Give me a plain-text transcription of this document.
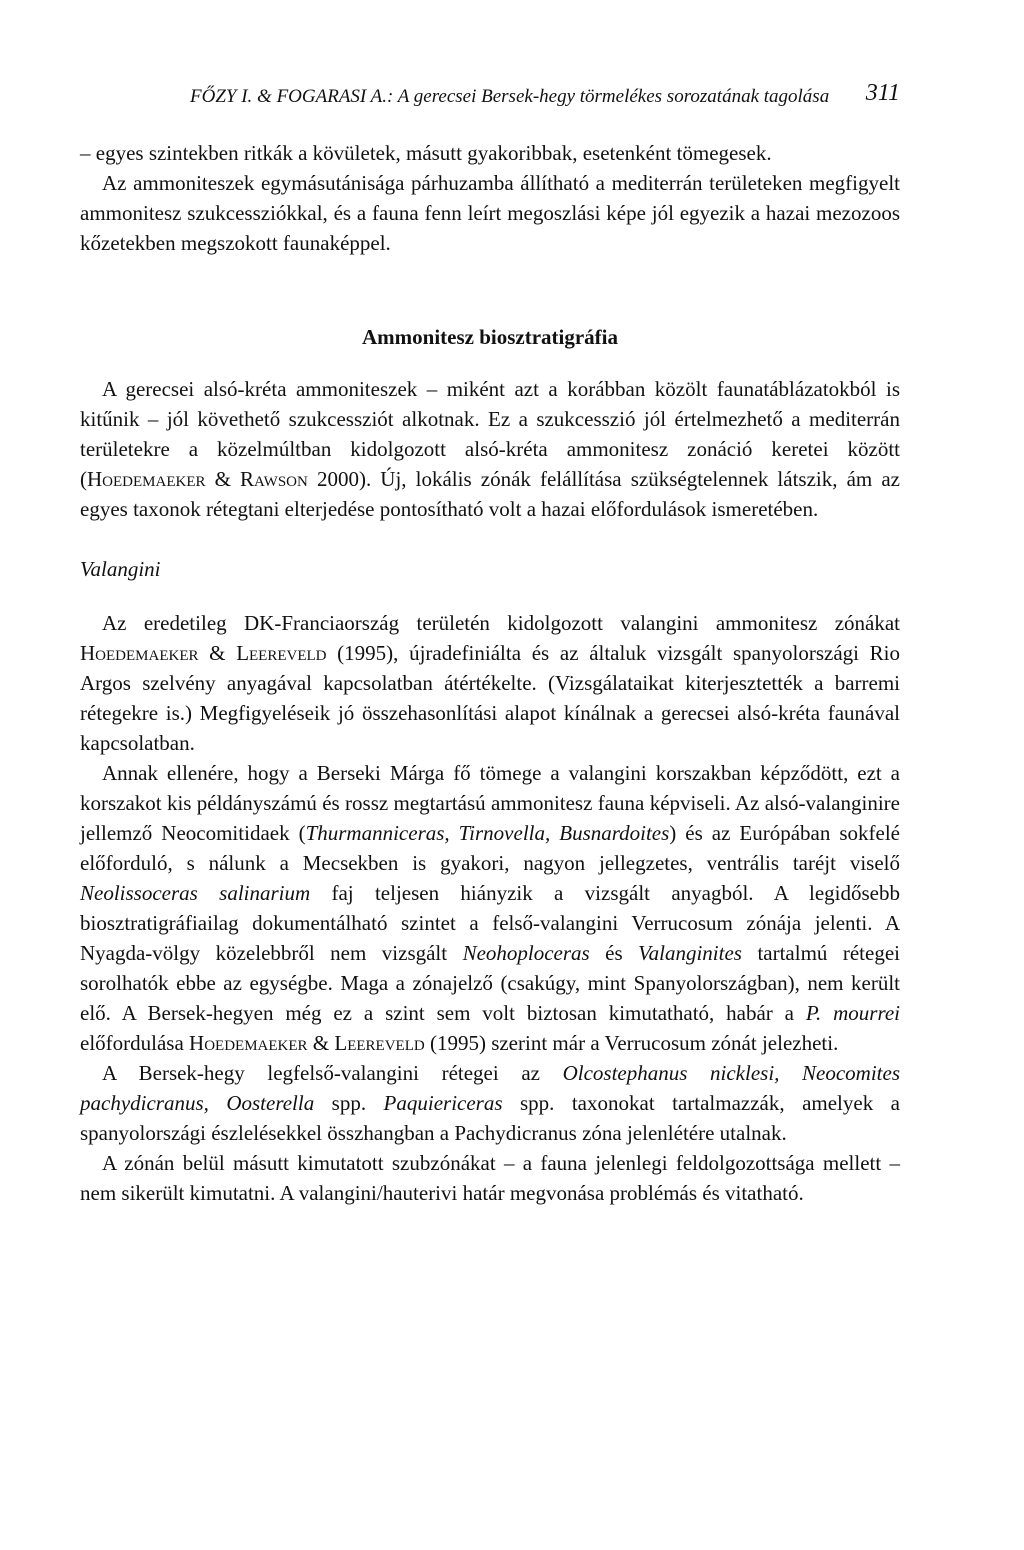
FŐZY I. & FOGARASI A.: A gerecsei Bersek-hegy törmelékes sorozatának tagolása 311

– egyes szintekben ritkák a kövületek, másutt gyakoribbak, esetenként tömegesek.

Az ammoniteszek egymásutánisága párhuzamba állítható a mediterrán területeken megfigyelt ammonitesz szukcessziókkal, és a fauna fenn leírt megoszlási képe jól egyezik a hazai mezozoos kőzetekben megszokott faunaképpel.

Ammonitesz biosztratigráfia

A gerecsei alsó-kréta ammoniteszek – miként azt a korábban közölt faunatáblázatokból is kitűnik – jól követhető szukcessziót alkotnak. Ez a szukcesszió jól értelmezhető a mediterrán területekre a közelmúltban kidolgozott alsó-kréta ammonitesz zonáció keretei között (Hoedemaeker & Rawson 2000). Új, lokális zónák felállítása szükségtelennek látszik, ám az egyes taxonok rétegtani elterjedése pontosítható volt a hazai előfordulások ismeretében.

Valangini

Az eredetileg DK-Franciaország területén kidolgozott valangini ammonitesz zónákat Hoedemaeker & Leereveld (1995), újradefiniálta és az általuk vizsgált spanyolországi Rio Argos szelvény anyagával kapcsolatban átértékelte. (Vizsgálataikat kiterjesztették a barremi rétegekre is.) Megfigyeléseik jó összehasonlítási alapot kínálnak a gerecsei alsó-kréta faunával kapcsolatban.

Annak ellenére, hogy a Berseki Márga fő tömege a valangini korszakban képződött, ezt a korszakot kis példányszámú és rossz megtartású ammonitesz fauna képviseli. Az alsó-valanginire jellemző Neocomitidaek (Thurmanniceras, Tirnovella, Busnardoites) és az Európában sokfelé előforduló, s nálunk a Mecsekben is gyakori, nagyon jellegzetes, ventrális taréjt viselő Neolissoceras salinarium faj teljesen hiányzik a vizsgált anyagból. A legidősebb biosztratigráfiailag dokumentálható szintet a felső-valangini Verrucosum zónája jelenti. A Nyagda-völgy közelebbről nem vizsgált Neohoploceras és Valanginites tartalmú rétegei sorolhatók ebbe az egységbe. Maga a zónajelző (csakúgy, mint Spanyolországban), nem került elő. A Bersek-hegyen még ez a szint sem volt biztosan kimutatható, habár a P. mourrei előfordulása Hoedemaeker & Leereveld (1995) szerint már a Verrucosum zónát jelezheti.

A Bersek-hegy legfelső-valangini rétegei az Olcostephanus nicklesi, Neocomites pachydicranus, Oosterella spp. Paquiericeras spp. taxonokat tartalmazzák, amelyek a spanyolországi észlelésekkel összhangban a Pachydicranus zóna jelenlétére utalnak.

A zónán belül másutt kimutatott szubzónákat – a fauna jelenlegi feldolgozottsága mellett – nem sikerült kimutatni. A valangini/hauterivi határ megvonása problémás és vitatható.
